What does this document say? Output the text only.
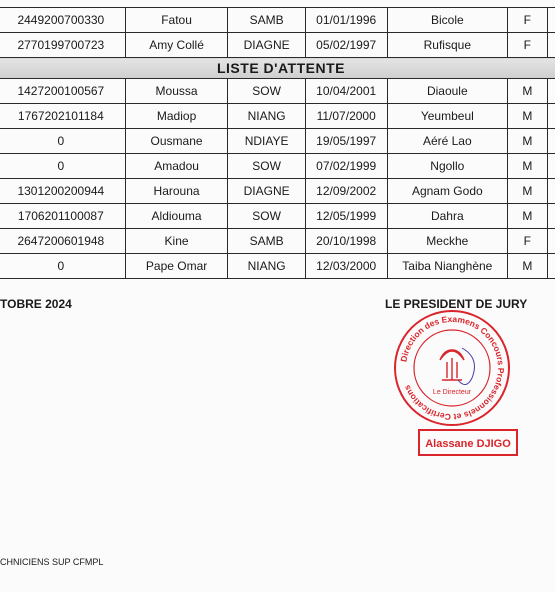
2449200700330	Fatou	SAMB	01/01/1996	Bicole	F	
2770199700723	Amy Collé	DIAGNE	05/02/1997	Rufisque	F	
LISTE D'ATTENTE						
1427200100567	Moussa	SOW	10/04/2001	Diaoule	M	
1767202101184	Madiop	NIANG	11/07/2000	Yeumbeul	M	
0	Ousmane	NDIAYE	19/05/1997	Aéré Lao	M	
0	Amadou	SOW	07/02/1999	Ngollo	M	
1301200200944	Harouna	DIAGNE	12/09/2002	Agnam Godo	M	
1706201100087	Aldiouma	SOW	12/05/1999	Dahra	M	
2647200601948	Kine	SAMB	20/10/1998	Meckhe	F	
0	Pape Omar	NIANG	12/03/2000	Taiba Nianghène	M	
TOBRE 2024	LE PRESIDENT DE JURY
Direction des Examens Concours Professionnels et Certifications
Le Directeur
Alassane DJIGO
CHNICIENS SUP CFMPL
